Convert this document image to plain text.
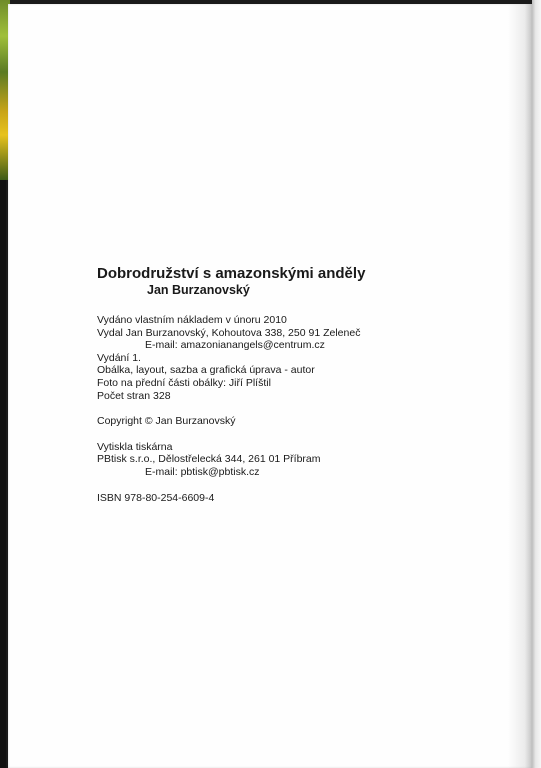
Dobrodružství s amazonskými anděly

Jan Burzanovský

Vydáno vlastním nákladem v únoru 2010

Vydal Jan Burzanovský, Kohoutova 338, 250 91 Zeleneč

E-mail: amazonianangels@centrum.cz

Vydání 1.

Obálka, layout, sazba a grafická úprava - autor

Foto na přední části obálky: Jiří Plíštil

Počet stran 328

Copyright © Jan Burzanovský

Vytiskla tiskárna

PBtisk s.r.o., Dělostřelecká 344, 261 01 Příbram

E-mail: pbtisk@pbtisk.cz

ISBN 978-80-254-6609-4
